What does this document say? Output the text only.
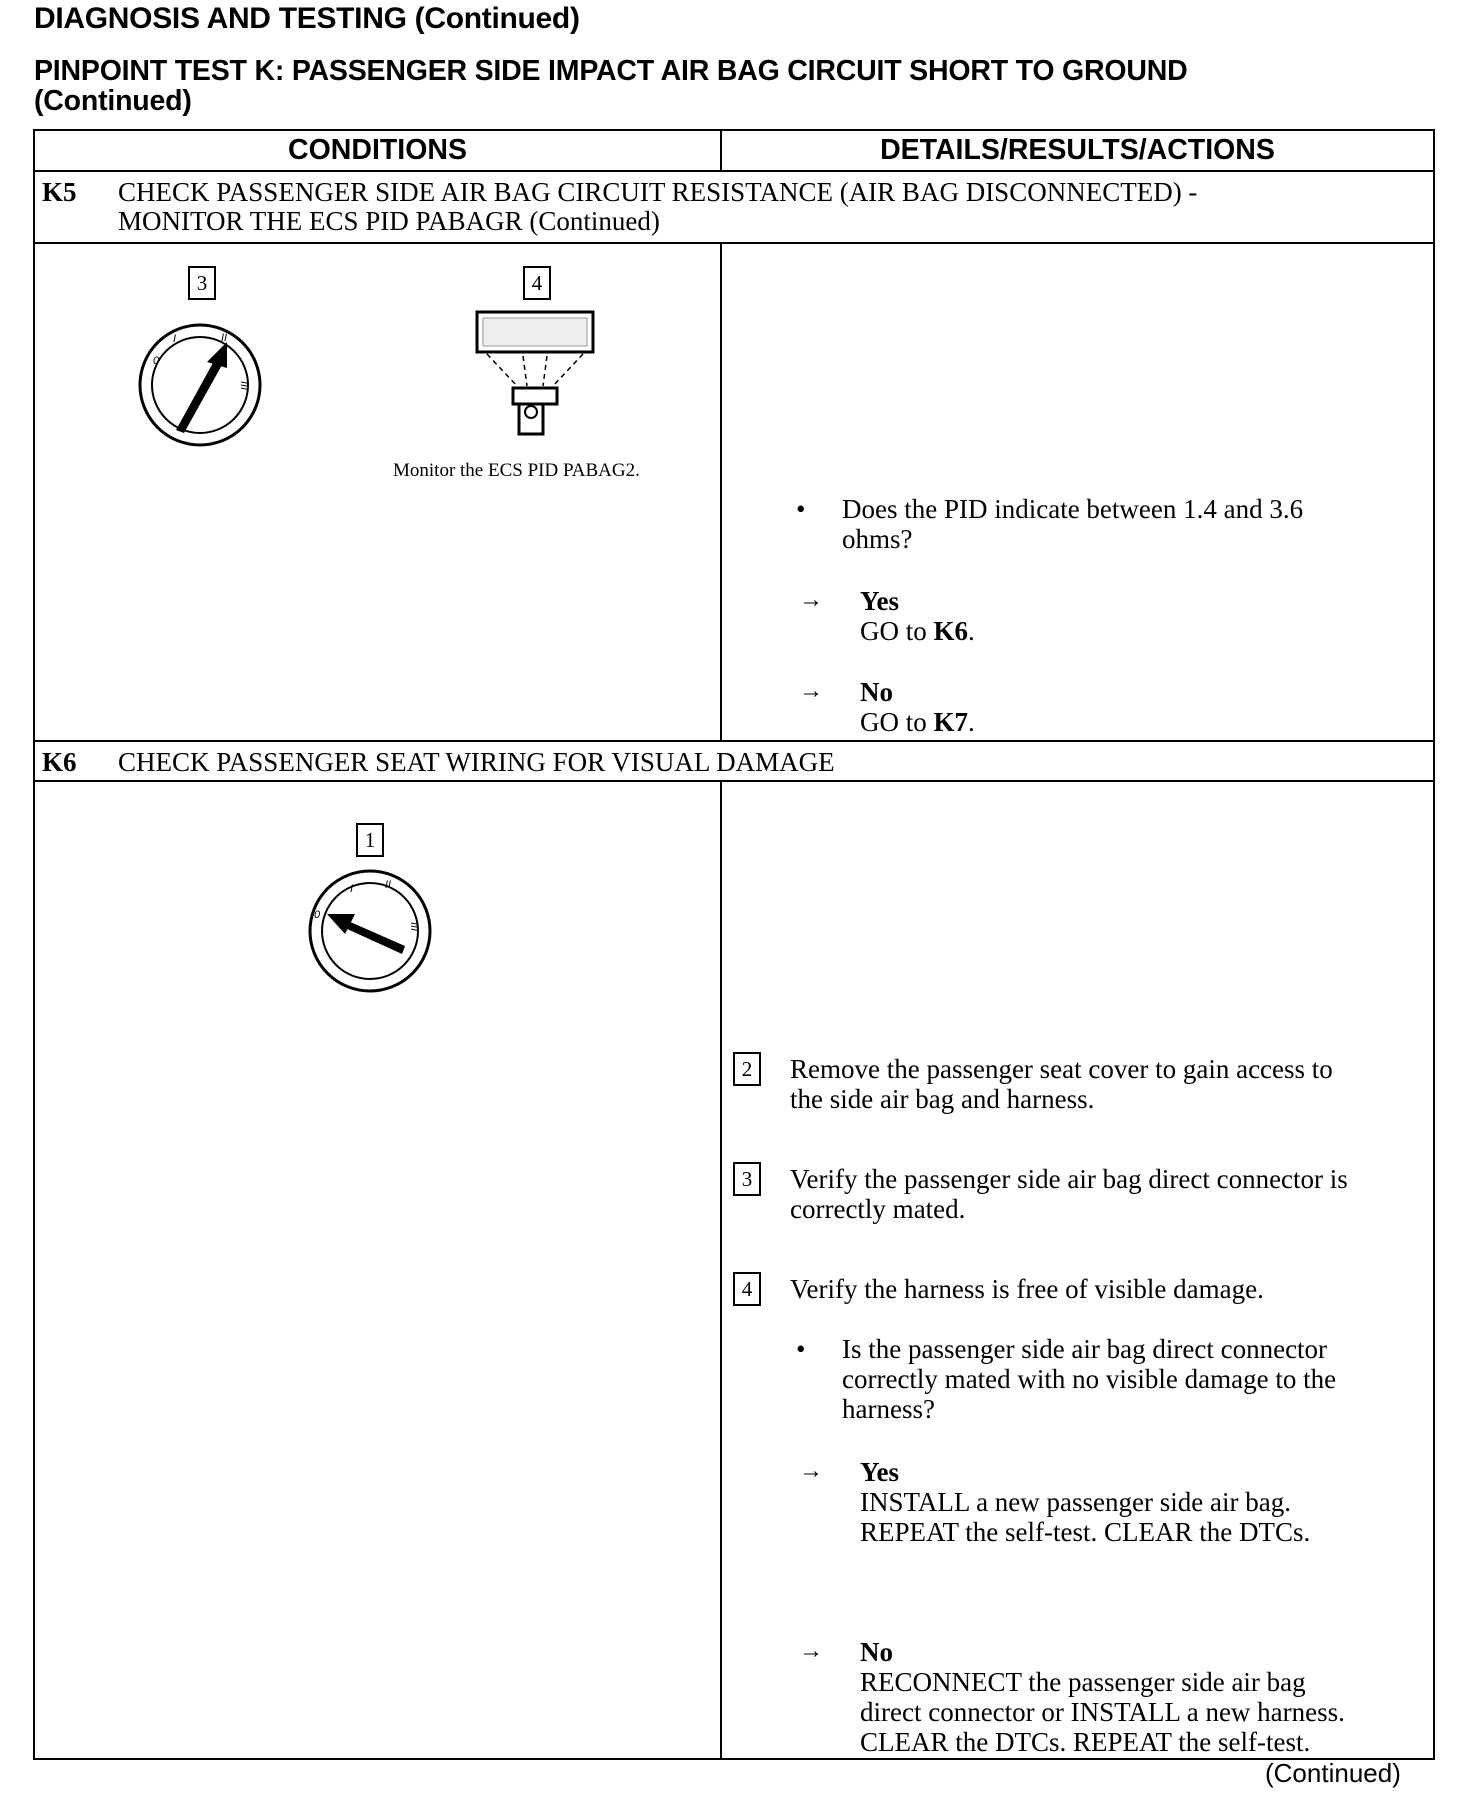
DIAGNOSIS AND TESTING (Continued)
PINPOINT TEST K: PASSENGER SIDE IMPACT AIR BAG CIRCUIT SHORT TO GROUND
(Continued)
CONDITIONS	DETAILS/RESULTS/ACTIONS
K5 CHECK PASSENGER SIDE AIR BAG CIRCUIT RESISTANCE (AIR BAG DISCONNECTED) -
MONITOR THE ECS PID PABAGR (Continued)
3	4
0
I	II
III
Monitor the ECS PID PABAG2.
• Does the PID indicate between 1.4 and 3.6
ohms?
→ Yes
GO to K6.
→ No
GO to K7.
K6 CHECK PASSENGER SEAT WIRING FOR VISUAL DAMAGE
1
0
I	II
III
2	Remove the passenger seat cover to gain access to
the side air bag and harness.
3	Verify the passenger side air bag direct connector is
correctly mated.
4	Verify the harness is free of visible damage.
• Is the passenger side air bag direct connector
correctly mated with no visible damage to the
harness?
→ Yes
INSTALL a new passenger side air bag.
REPEAT the self-test. CLEAR the DTCs.
→ No
RECONNECT the passenger side air bag
direct connector or INSTALL a new harness.
CLEAR the DTCs. REPEAT the self-test.
(Continued)
